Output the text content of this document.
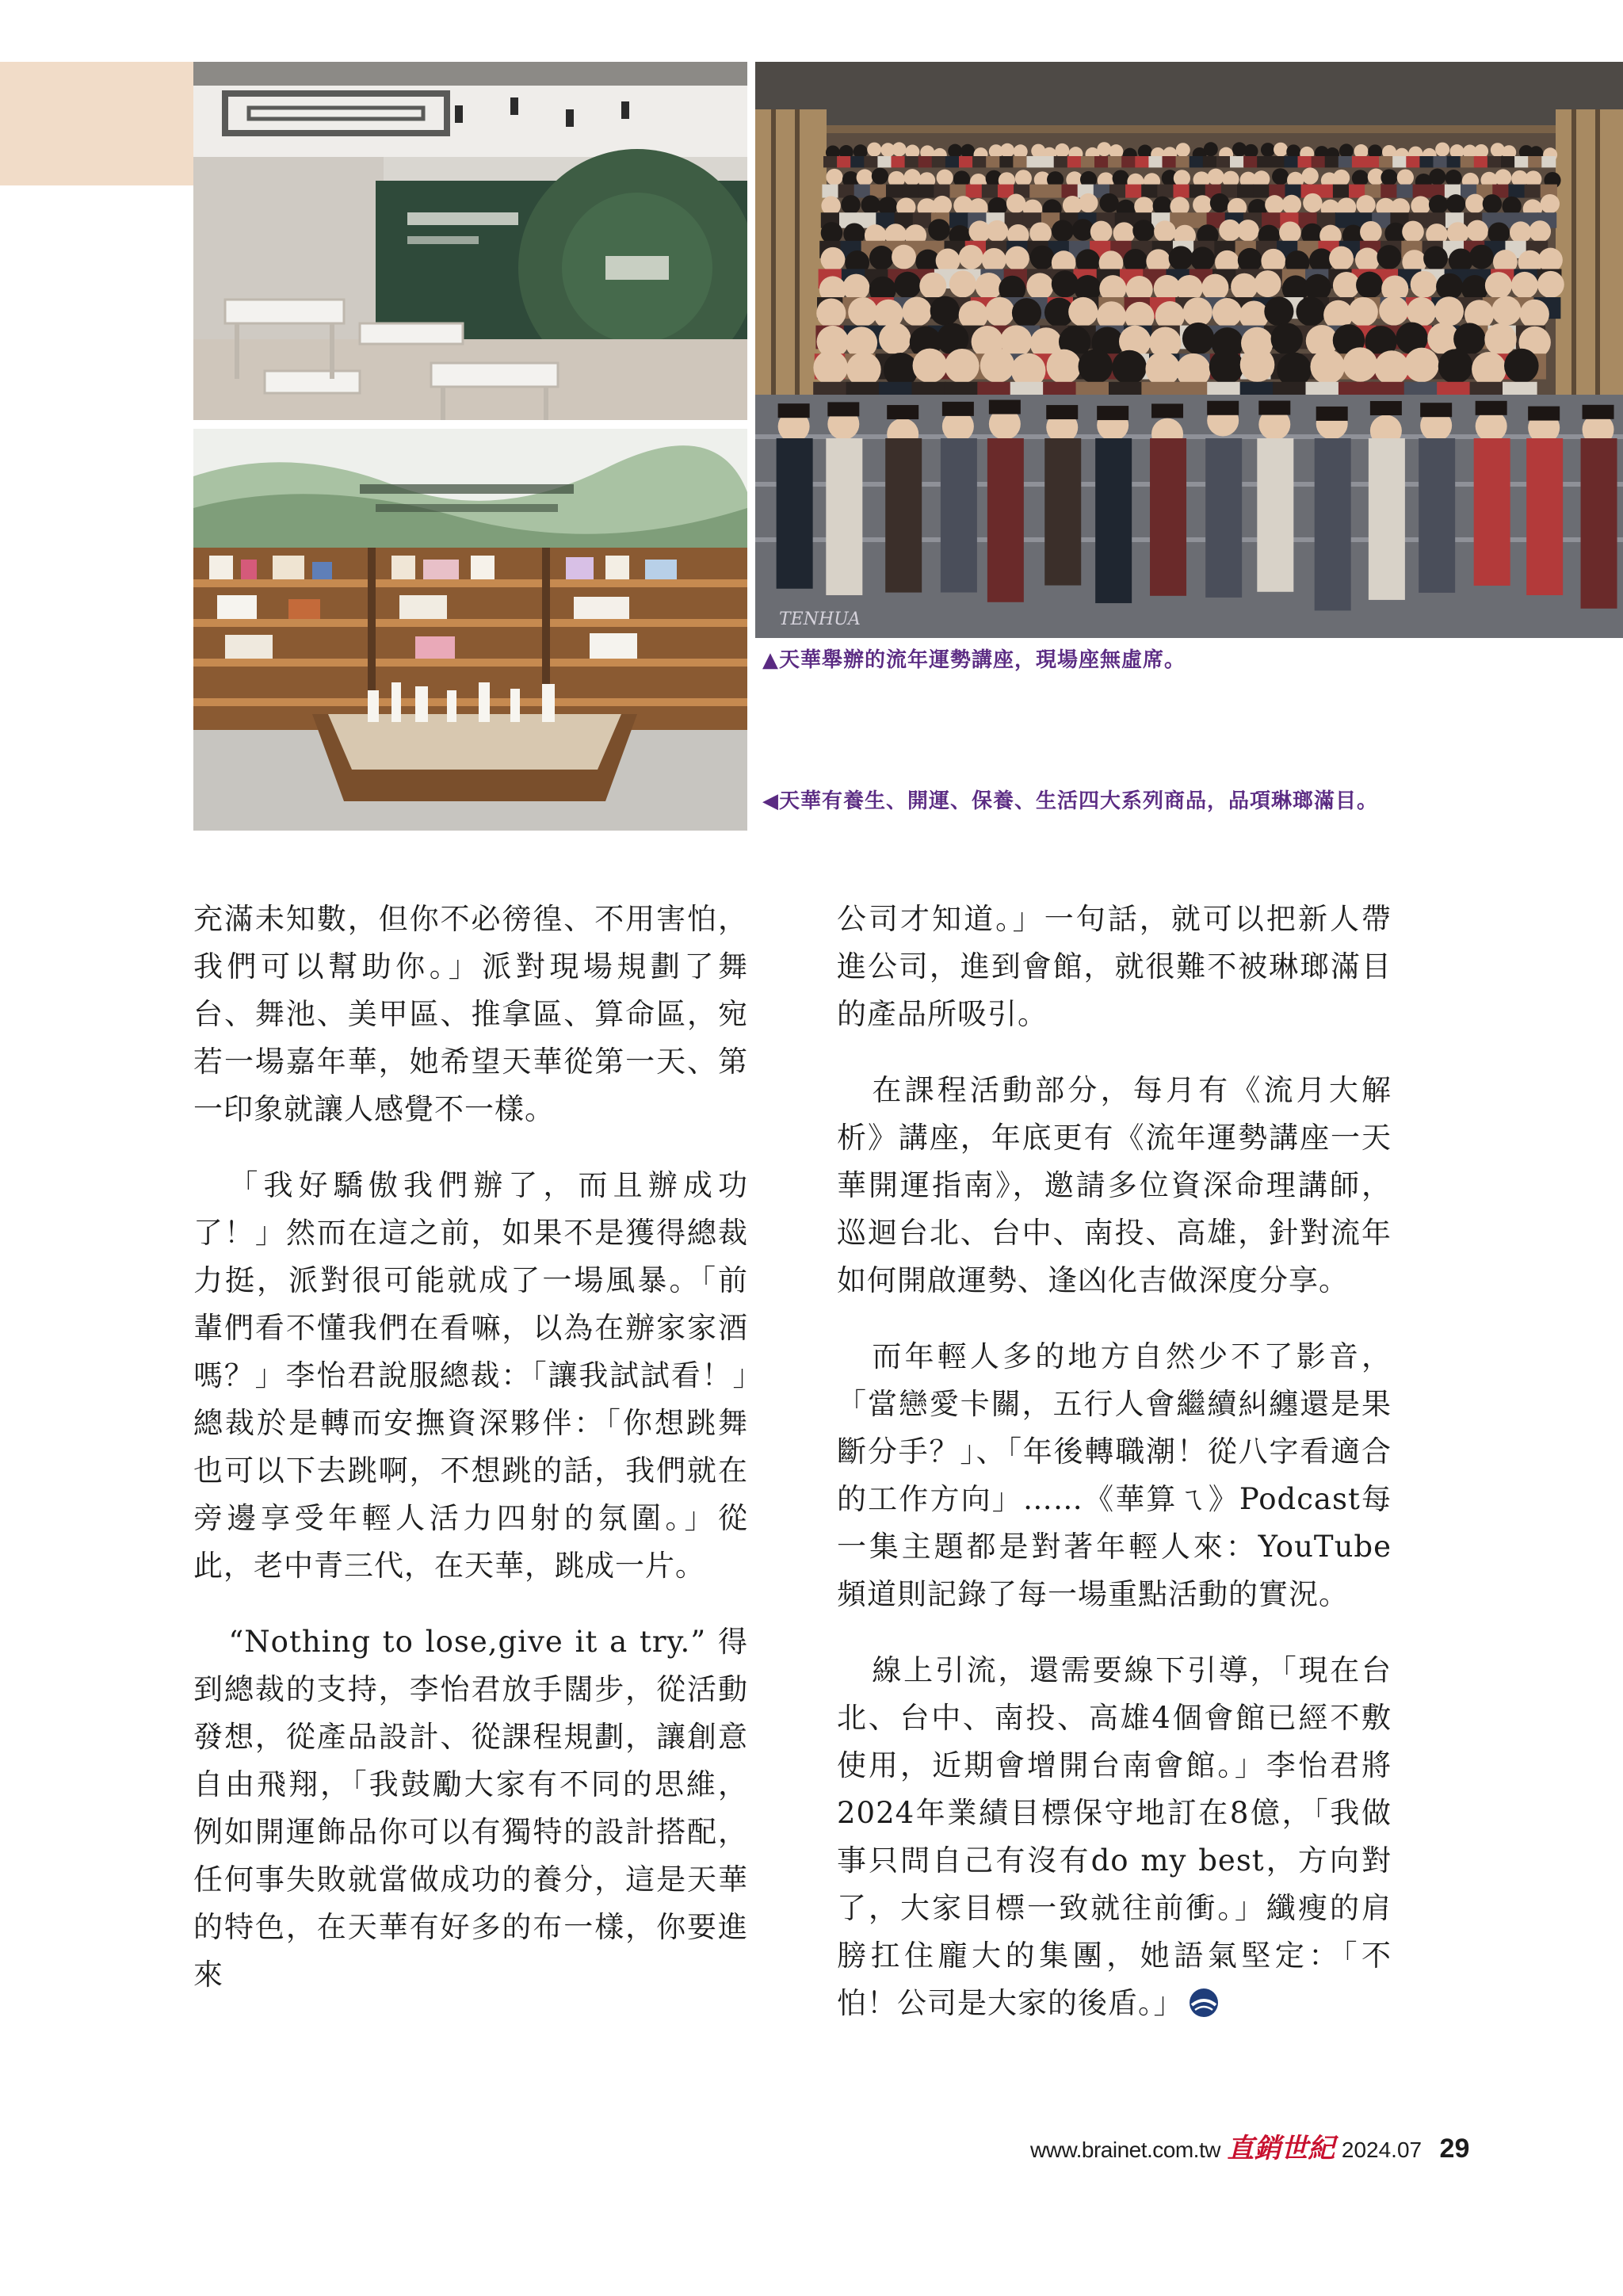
TENHUA
▲天華舉辦的流年運勢講座，現場座無虛席。
◀天華有養生、開運、保養、生活四大系列商品，品項琳瑯滿目。

充滿未知數，但你不必徬徨、不用害怕，我們可以幫助你。」派對現場規劃了舞台、舞池、美甲區、推拿區、算命區，宛若一場嘉年華，她希望天華從第一天、第一印象就讓人感覺不一樣。

「我好驕傲我們辦了，而且辦成功了！」然而在這之前，如果不是獲得總裁力挺，派對很可能就成了一場風暴。「前輩們看不懂我們在看嘛，以為在辦家家酒嗎？」李怡君說服總裁：「讓我試試看！」總裁於是轉而安撫資深夥伴：「你想跳舞也可以下去跳啊，不想跳的話，我們就在旁邊享受年輕人活力四射的氛圍。」從此，老中青三代，在天華，跳成一片。

“Nothing to lose,give it a try.” 得到總裁的支持，李怡君放手闊步，從活動發想，從產品設計、從課程規劃，讓創意自由飛翔，「我鼓勵大家有不同的思維，例如開運飾品你可以有獨特的設計搭配，任何事失敗就當做成功的養分，這是天華的特色，在天華有好多的布一樣，你要進來

公司才知道。」一句話，就可以把新人帶進公司，進到會館，就很難不被琳瑯滿目的產品所吸引。

在課程活動部分，每月有《流月大解析》講座，年底更有《流年運勢講座一天華開運指南》，邀請多位資深命理講師，巡迴台北、台中、南投、高雄，針對流年如何開啟運勢、逢凶化吉做深度分享。

而年輕人多的地方自然少不了影音，「當戀愛卡關，五行人會繼續糾纏還是果斷分手？」、「年後轉職潮！從八字看適合的工作方向」……《華算ㄟ》Podcast每一集主題都是對著年輕人來：YouTube頻道則記錄了每一場重點活動的實況。

線上引流，還需要線下引導，「現在台北、台中、南投、高雄4個會館已經不敷使用，近期會增開台南會館。」李怡君將2024年業績目標保守地訂在8億，「我做事只問自己有沒有do my best，方向對了，大家目標一致就往前衝。」纖瘦的肩膀扛住龐大的集團，她語氣堅定：「不怕！公司是大家的後盾。」

www.brainet.com.tw 直銷世紀 2024.07 29
